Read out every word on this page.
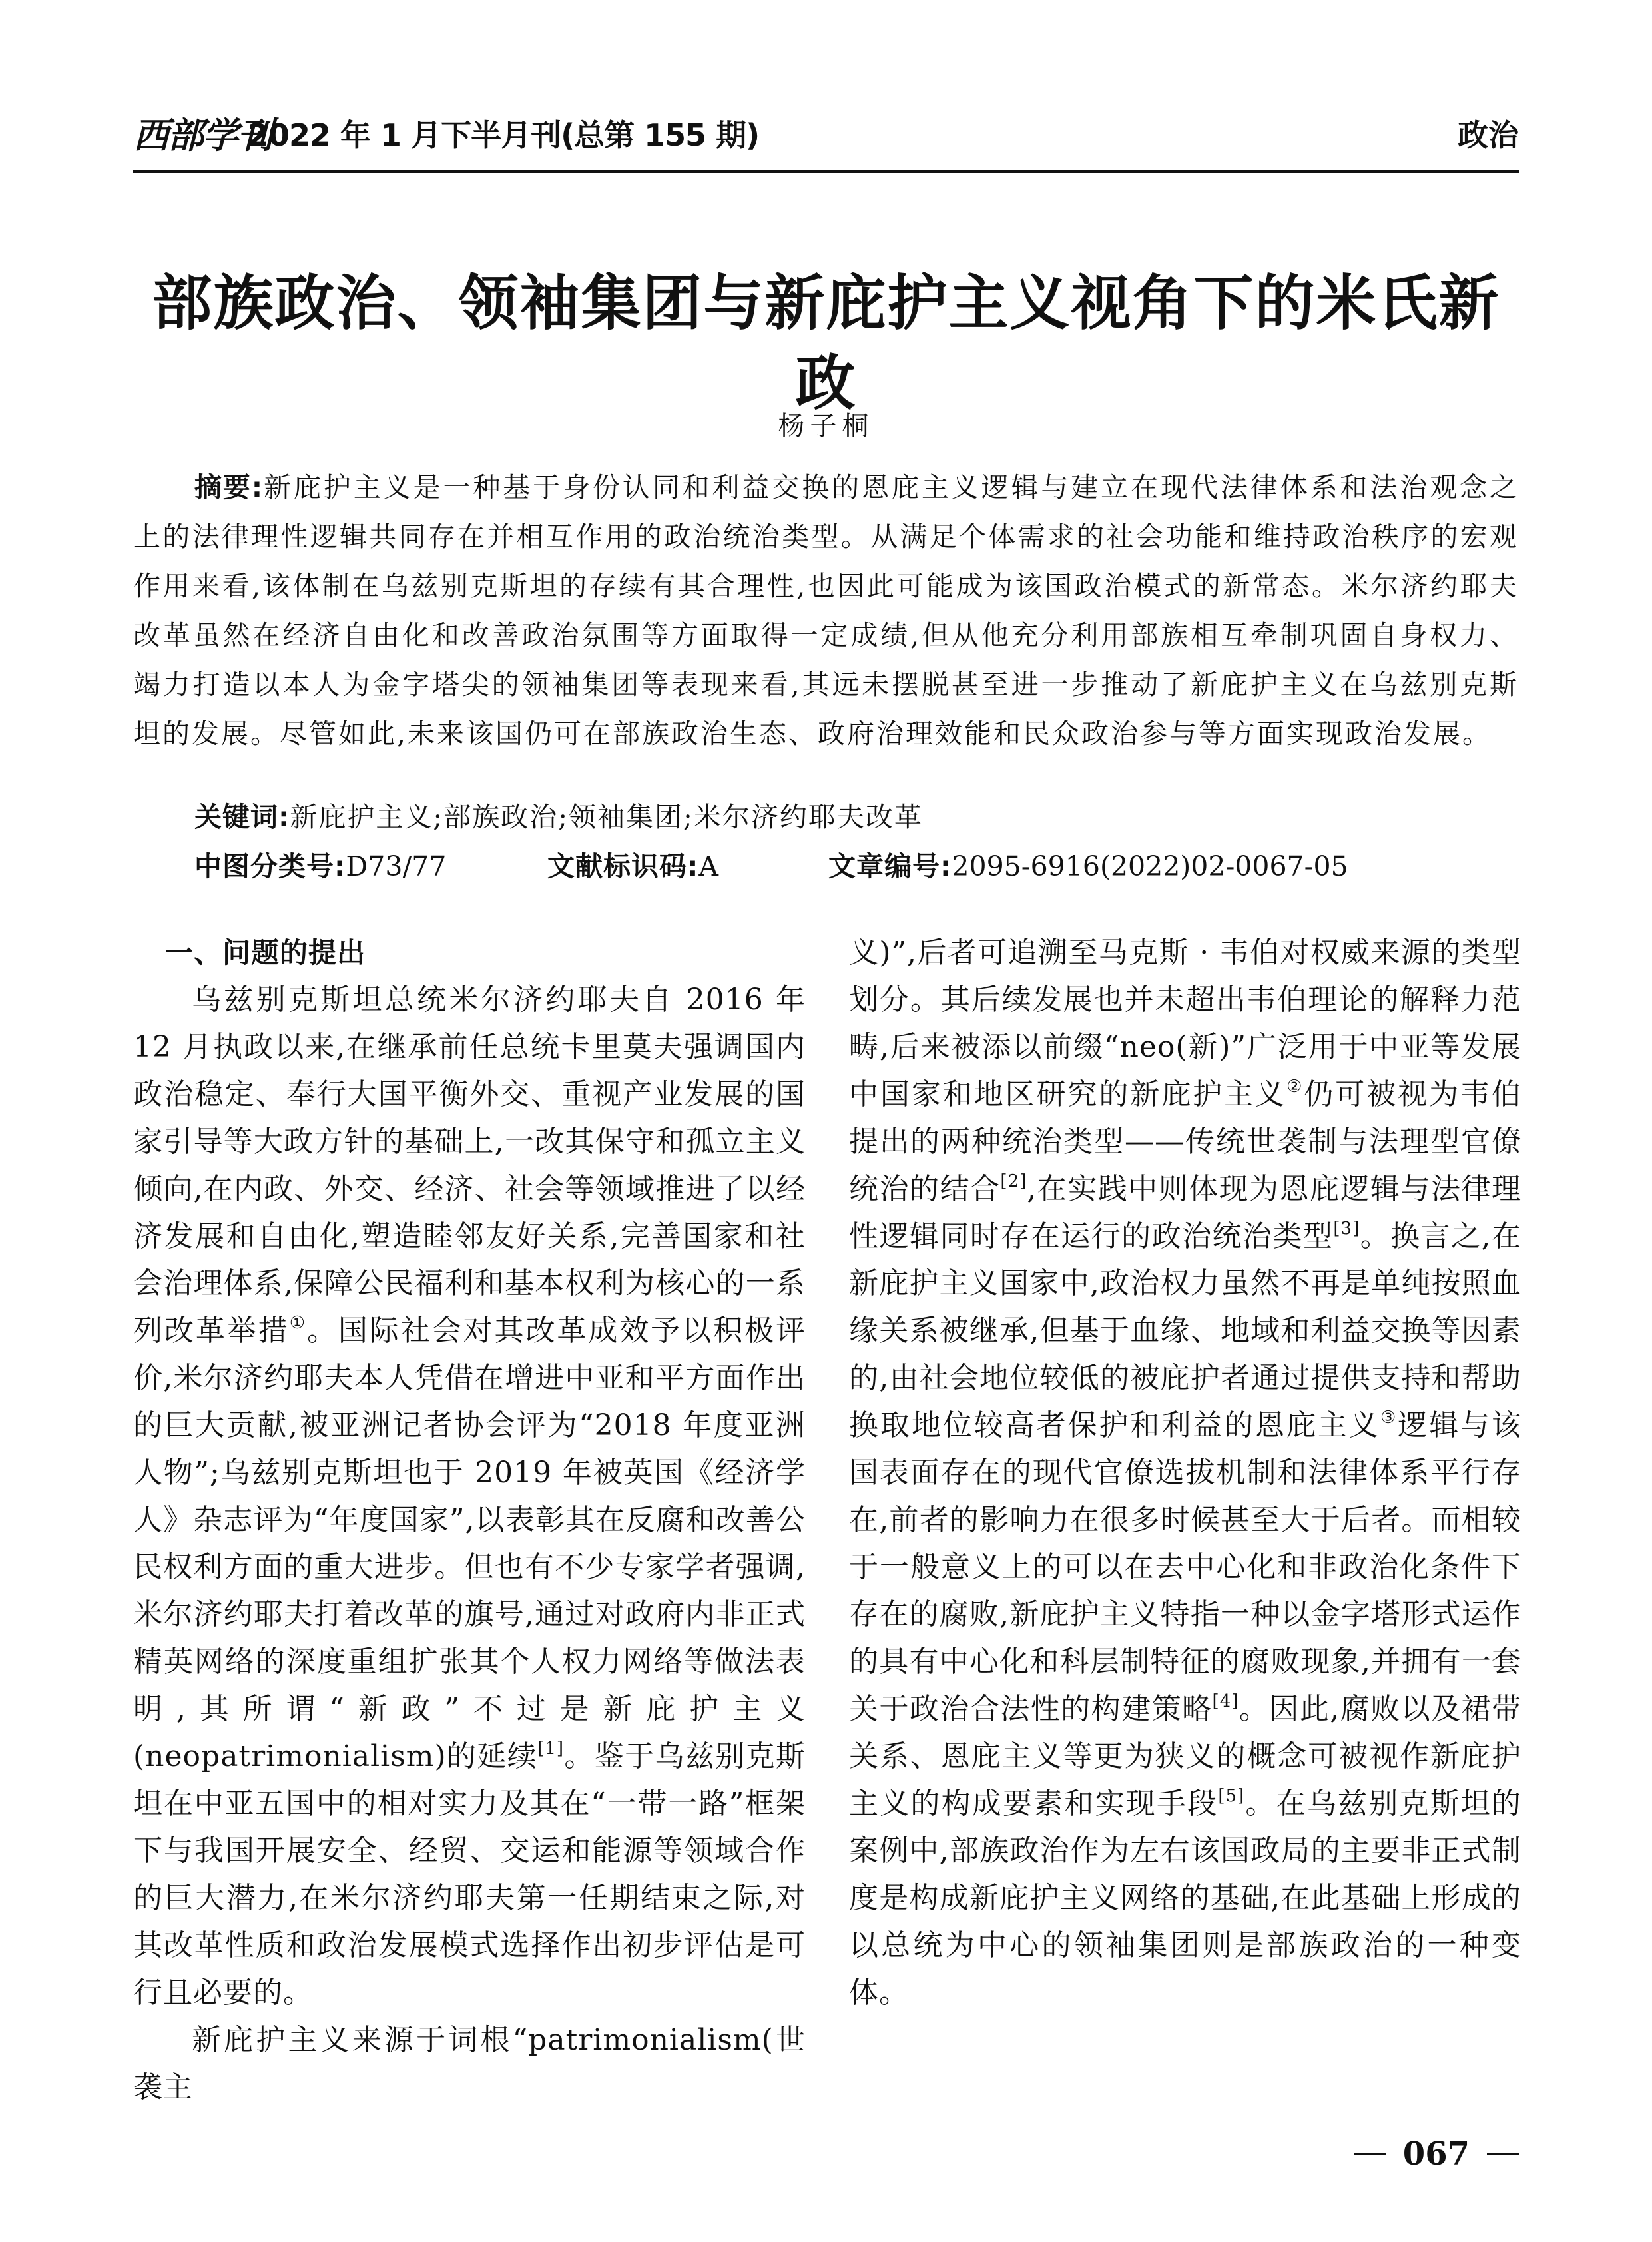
西部学刊
2022 年 1 月下半月刊(总第 155 期)	政治
部族政治、领袖集团与新庇护主义视角下的米氏新政
杨子桐
摘要:新庇护主义是一种基于身份认同和利益交换的恩庇主义逻辑与建立在现代法律体系和法治观念之上的法律理性逻辑共同存在并相互作用的政治统治类型。从满足个体需求的社会功能和维持政治秩序的宏观作用来看,该体制在乌兹别克斯坦的存续有其合理性,也因此可能成为该国政治模式的新常态。米尔济约耶夫改革虽然在经济自由化和改善政治氛围等方面取得一定成绩,但从他充分利用部族相互牵制巩固自身权力、竭力打造以本人为金字塔尖的领袖集团等表现来看,其远未摆脱甚至进一步推动了新庇护主义在乌兹别克斯坦的发展。尽管如此,未来该国仍可在部族政治生态、政府治理效能和民众政治参与等方面实现政治发展。
关键词:新庇护主义;部族政治;领袖集团;米尔济约耶夫改革
中图分类号:D73/77	文献标识码:A	文章编号:2095-6916(2022)02-0067-05
一、问题的提出

乌兹别克斯坦总统米尔济约耶夫自 2016 年 12 月执政以来,在继承前任总统卡里莫夫强调国内政治稳定、奉行大国平衡外交、重视产业发展的国家引导等大政方针的基础上,一改其保守和孤立主义倾向,在内政、外交、经济、社会等领域推进了以经济发展和自由化,塑造睦邻友好关系,完善国家和社会治理体系,保障公民福利和基本权利为核心的一系列改革举措①。国际社会对其改革成效予以积极评价,米尔济约耶夫本人凭借在增进中亚和平方面作出的巨大贡献,被亚洲记者协会评为“2018 年度亚洲人物”;乌兹别克斯坦也于 2019 年被英国《经济学人》杂志评为“年度国家”,以表彰其在反腐和改善公民权利方面的重大进步。但也有不少专家学者强调,米尔济约耶夫打着改革的旗号,通过对政府内非正式精英网络的深度重组扩张其个人权力网络等做法表明,其所谓“新政”不过是新庇护主义(neopatrimonialism)的延续[1]。鉴于乌兹别克斯坦在中亚五国中的相对实力及其在“一带一路”框架下与我国开展安全、经贸、交运和能源等领域合作的巨大潜力,在米尔济约耶夫第一任期结束之际,对其改革性质和政治发展模式选择作出初步评估是可行且必要的。

新庇护主义来源于词根“patrimonialism(世袭主

义)”,后者可追溯至马克斯 · 韦伯对权威来源的类型划分。其后续发展也并未超出韦伯理论的解释力范畴,后来被添以前缀“neo(新)”广泛用于中亚等发展中国家和地区研究的新庇护主义②仍可被视为韦伯提出的两种统治类型——传统世袭制与法理型官僚统治的结合[2],在实践中则体现为恩庇逻辑与法律理性逻辑同时存在运行的政治统治类型[3]。换言之,在新庇护主义国家中,政治权力虽然不再是单纯按照血缘关系被继承,但基于血缘、地域和利益交换等因素的,由社会地位较低的被庇护者通过提供支持和帮助换取地位较高者保护和利益的恩庇主义③逻辑与该国表面存在的现代官僚选拔机制和法律体系平行存在,前者的影响力在很多时候甚至大于后者。而相较于一般意义上的可以在去中心化和非政治化条件下存在的腐败,新庇护主义特指一种以金字塔形式运作的具有中心化和科层制特征的腐败现象,并拥有一套关于政治合法性的构建策略[4]。因此,腐败以及裙带关系、恩庇主义等更为狭义的概念可被视作新庇护主义的构成要素和实现手段[5]。在乌兹别克斯坦的案例中,部族政治作为左右该国政局的主要非正式制度是构成新庇护主义网络的基础,在此基础上形成的以总统为中心的领袖集团则是部族政治的一种变体。

067
